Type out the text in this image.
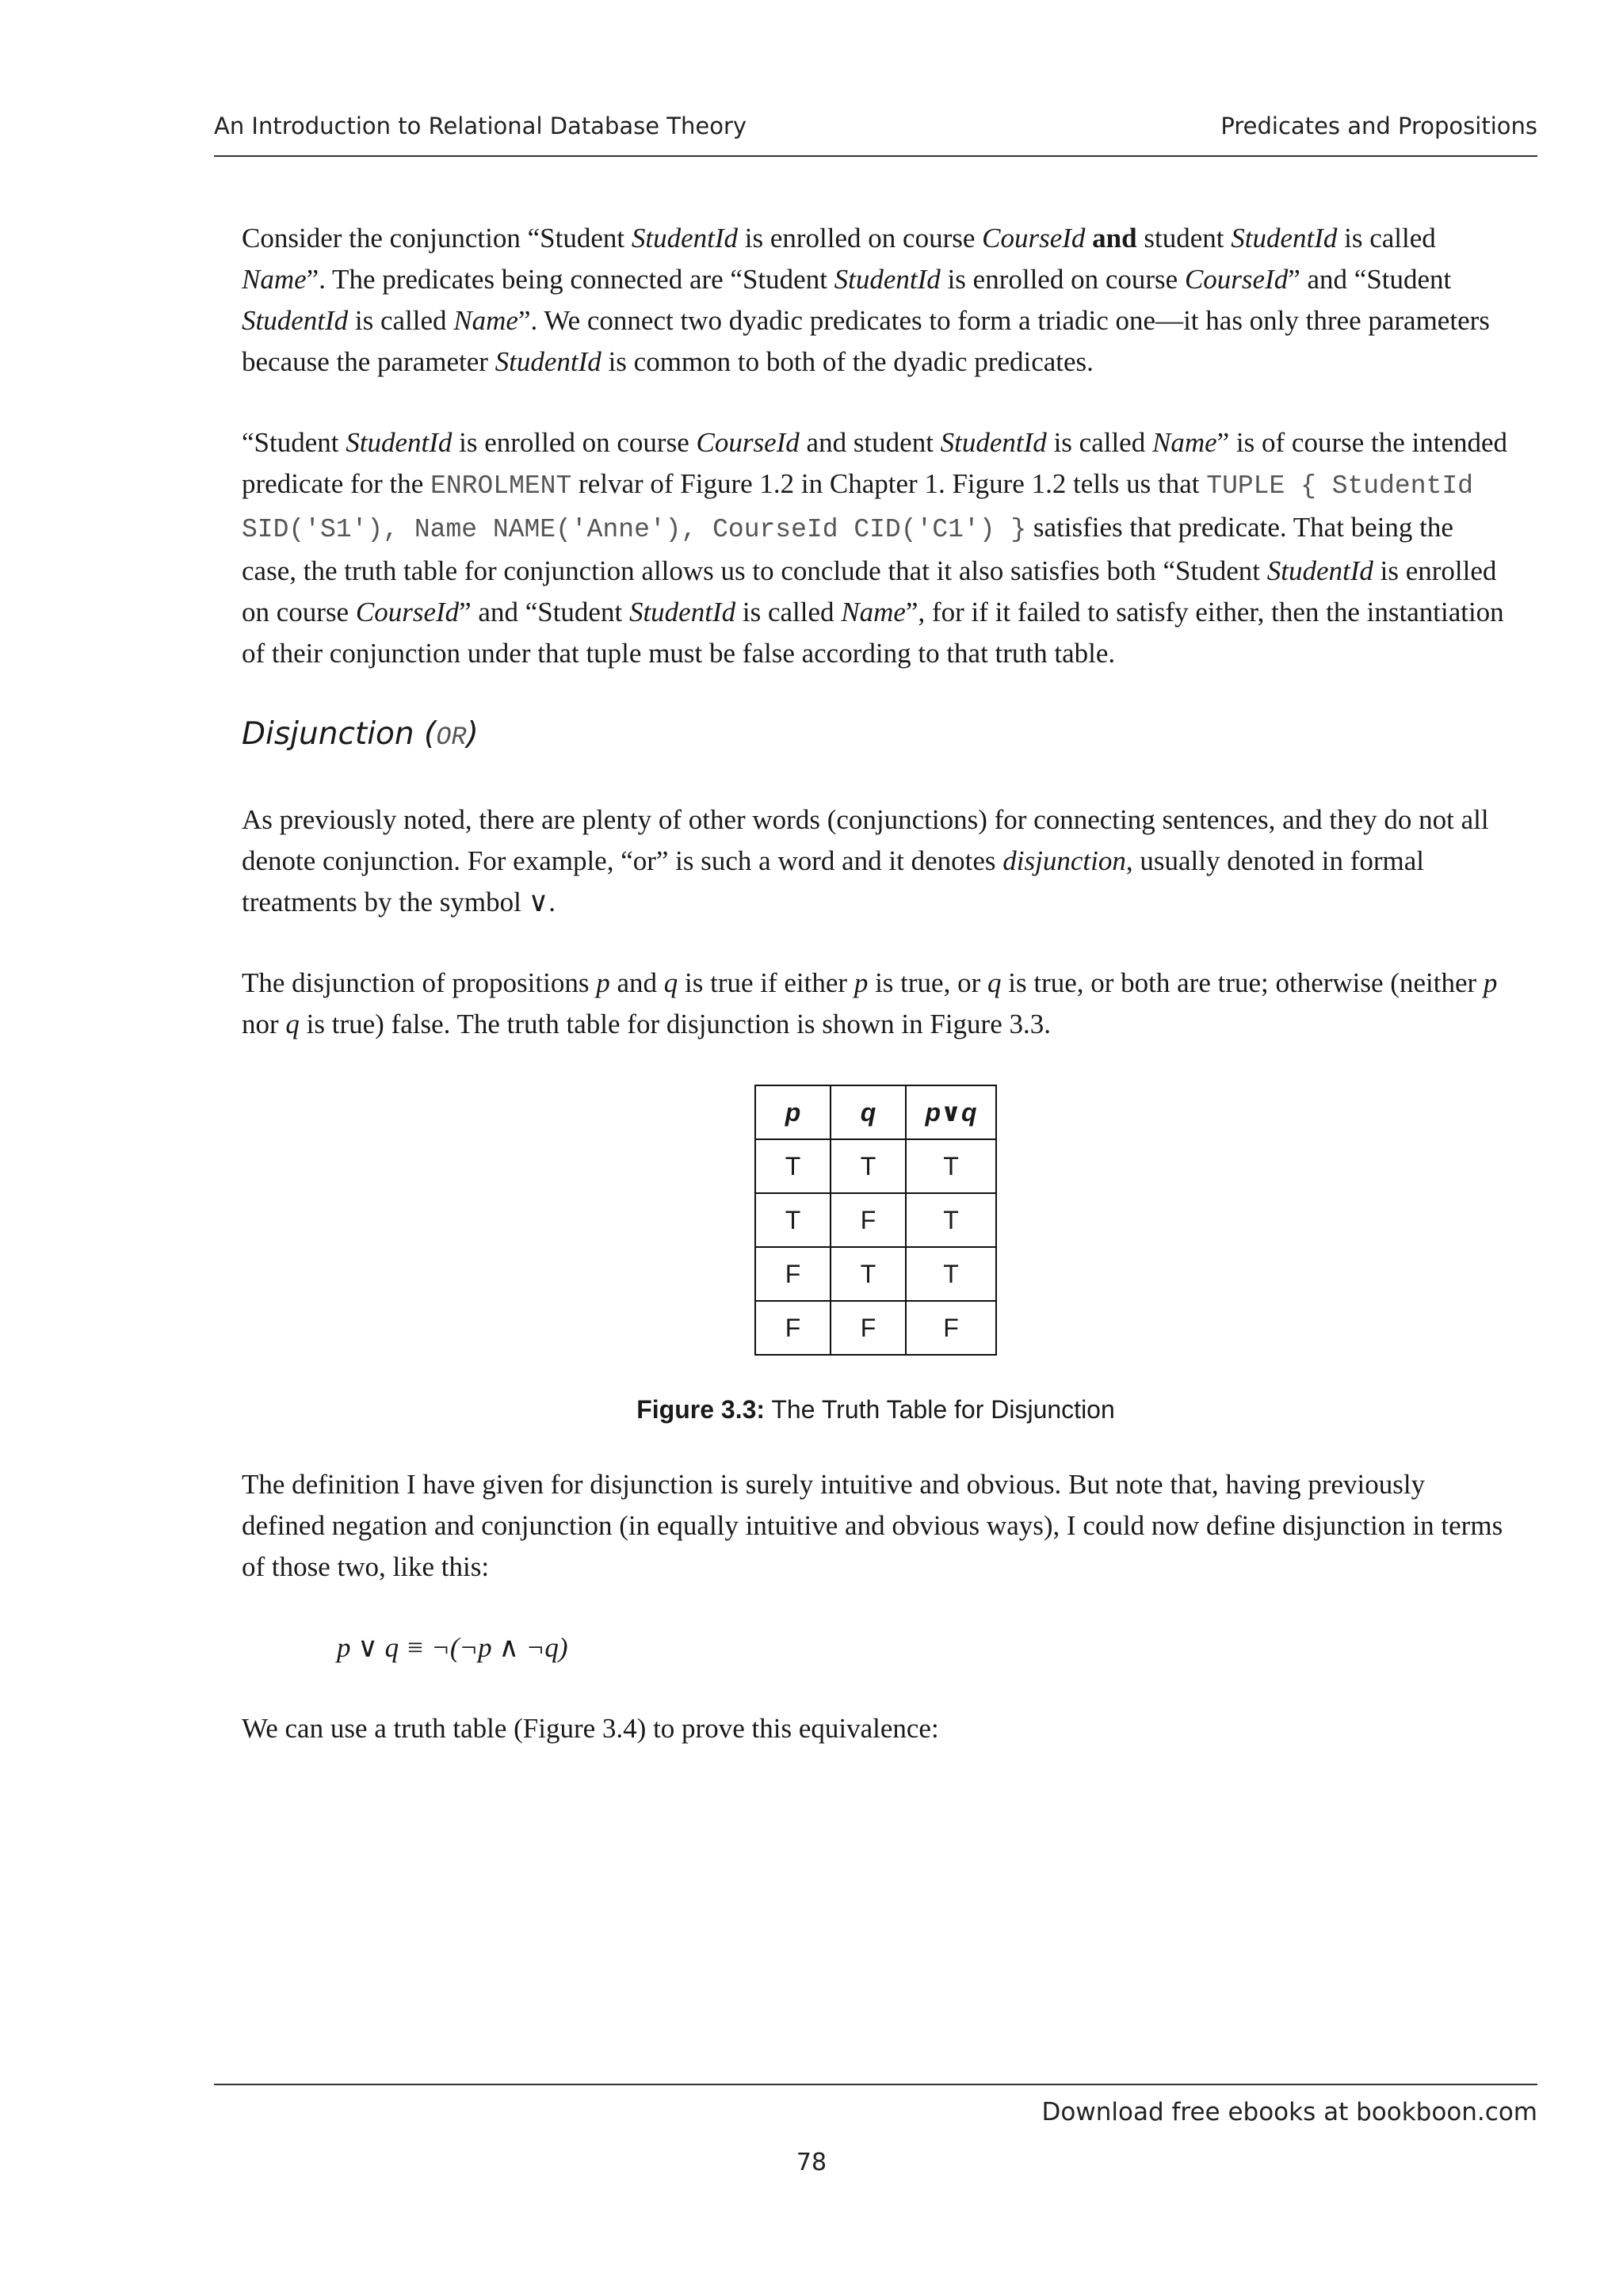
An Introduction to Relational Database Theory	Predicates and Propositions

Consider the conjunction “Student StudentId is enrolled on course CourseId and student StudentId is called Name”. The predicates being connected are “Student StudentId is enrolled on course CourseId” and “Student StudentId is called Name”. We connect two dyadic predicates to form a triadic one—it has only three parameters because the parameter StudentId is common to both of the dyadic predicates.

“Student StudentId is enrolled on course CourseId and student StudentId is called Name” is of course the intended predicate for the ENROLMENT relvar of Figure 1.2 in Chapter 1. Figure 1.2 tells us that TUPLE { StudentId SID('S1'), Name NAME('Anne'), CourseId CID('C1') } satisfies that predicate. That being the case, the truth table for conjunction allows us to conclude that it also satisfies both “Student StudentId is enrolled on course CourseId” and “Student StudentId is called Name”, for if it failed to satisfy either, then the instantiation of their conjunction under that tuple must be false according to that truth table.

Disjunction (OR)

As previously noted, there are plenty of other words (conjunctions) for connecting sentences, and they do not all denote conjunction. For example, “or” is such a word and it denotes disjunction, usually denoted in formal treatments by the symbol ∨.

The disjunction of propositions p and q is true if either p is true, or q is true, or both are true; otherwise (neither p nor q is true) false. The truth table for disjunction is shown in Figure 3.3.

p	q	p∨q
T	T	T
T	F	T
F	T	T
F	F	F
Figure 3.3: The Truth Table for Disjunction

The definition I have given for disjunction is surely intuitive and obvious. But note that, having previously defined negation and conjunction (in equally intuitive and obvious ways), I could now define disjunction in terms of those two, like this:

p ∨ q ≡ ¬(¬p ∧ ¬q)

We can use a truth table (Figure 3.4) to prove this equivalence:

Download free ebooks at bookboon.com
78
